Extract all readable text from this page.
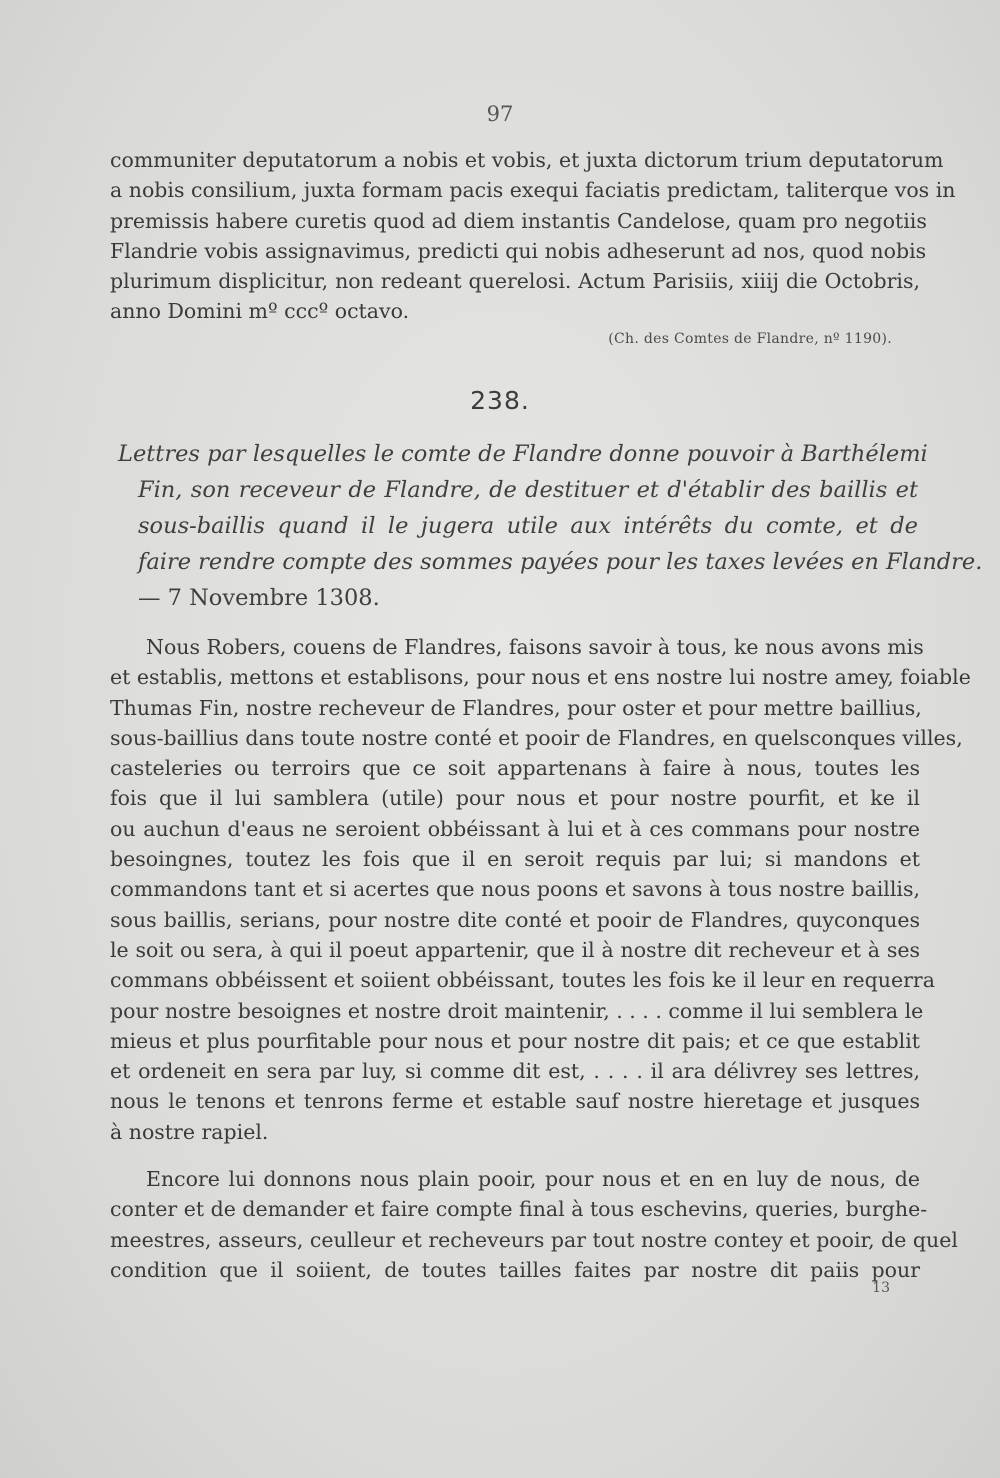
97
communiter deputatorum a nobis et vobis, et juxta dictorum trium deputatorum
a nobis consilium, juxta formam pacis exequi faciatis predictam, taliterque vos in
premissis habere curetis quod ad diem instantis Candelose, quam pro negotiis
Flandrie vobis assignavimus, predicti qui nobis adheserunt ad nos, quod nobis
plurimum displicitur, non redeant querelosi. Actum Parisiis, xiiij die Octobris,
anno Domini mº cccº octavo.
(Ch. des Comtes de Flandre, nº 1190).
238.
Lettres par lesquelles le comte de Flandre donne pouvoir à Barthélemi
Fin, son receveur de Flandre, de destituer et d'établir des baillis et
sous-baillis quand il le jugera utile aux intérêts du comte, et de
faire rendre compte des sommes payées pour les taxes levées en Flandre.
— 7 Novembre 1308.
Nous Robers, couens de Flandres, faisons savoir à tous, ke nous avons mis
et establis, mettons et establisons, pour nous et ens nostre lui nostre amey, foiable
Thumas Fin, nostre recheveur de Flandres, pour oster et pour mettre baillius,
sous-baillius dans toute nostre conté et pooir de Flandres, en quelsconques villes,
casteleries ou terroirs que ce soit appartenans à faire à nous, toutes les
fois que il lui samblera (utile) pour nous et pour nostre pourfit, et ke il
ou auchun d'eaus ne seroient obbéissant à lui et à ces commans pour nostre
besoingnes, toutez les fois que il en seroit requis par lui; si mandons et
commandons tant et si acertes que nous poons et savons à tous nostre baillis,
sous baillis, serians, pour nostre dite conté et pooir de Flandres, quyconques
le soit ou sera, à qui il poeut appartenir, que il à nostre dit recheveur et à ses
commans obbéissent et soiient obbéissant, toutes les fois ke il leur en requerra
pour nostre besoignes et nostre droit maintenir, . . . . comme il lui semblera le
mieus et plus pourfitable pour nous et pour nostre dit pais; et ce que establit
et ordeneit en sera par luy, si comme dit est, . . . . il ara délivrey ses lettres,
nous le tenons et tenrons ferme et estable sauf nostre hieretage et jusques
à nostre rapiel.
Encore lui donnons nous plain pooir, pour nous et en en luy de nous, de
conter et de demander et faire compte final à tous eschevins, queries, burghe-
meestres, asseurs, ceulleur et recheveurs par tout nostre contey et pooir, de quel
condition que il soiient, de toutes tailles faites par nostre dit paiis pour
13
